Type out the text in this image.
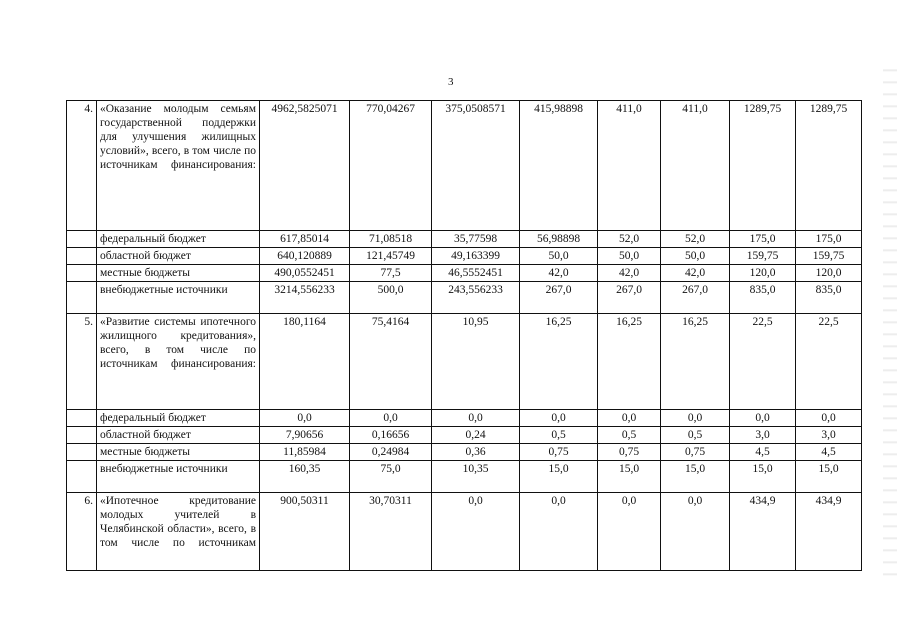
3
4.	«Оказание молодым семьям государственной поддержки для улучшения жилищных условий», всего, в том числе по источникам финансирования:	4962,5825071	770,04267	375,0508571	415,98898	411,0	411,0	1289,75	1289,75
	федеральный бюджет	617,85014	71,08518	35,77598	56,98898	52,0	52,0	175,0	175,0
	областной бюджет	640,120889	121,45749	49,163399	50,0	50,0	50,0	159,75	159,75
	местные бюджеты	490,0552451	77,5	46,5552451	42,0	42,0	42,0	120,0	120,0
	внебюджетные источники	3214,556233	500,0	243,556233	267,0	267,0	267,0	835,0	835,0
5.	«Развитие системы ипотечного жилищного кредитования», всего, в том числе по источникам финансирования:	180,1164	75,4164	10,95	16,25	16,25	16,25	22,5	22,5
	федеральный бюджет	0,0	0,0	0,0	0,0	0,0	0,0	0,0	0,0
	областной бюджет	7,90656	0,16656	0,24	0,5	0,5	0,5	3,0	3,0
	местные бюджеты	11,85984	0,24984	0,36	0,75	0,75	0,75	4,5	4,5
	внебюджетные источники	160,35	75,0	10,35	15,0	15,0	15,0	15,0	15,0
6.	«Ипотечное кредитование молодых учителей в Челябинской области», всего, в том числе по источникам	900,50311	30,70311	0,0	0,0	0,0	0,0	434,9	434,9
